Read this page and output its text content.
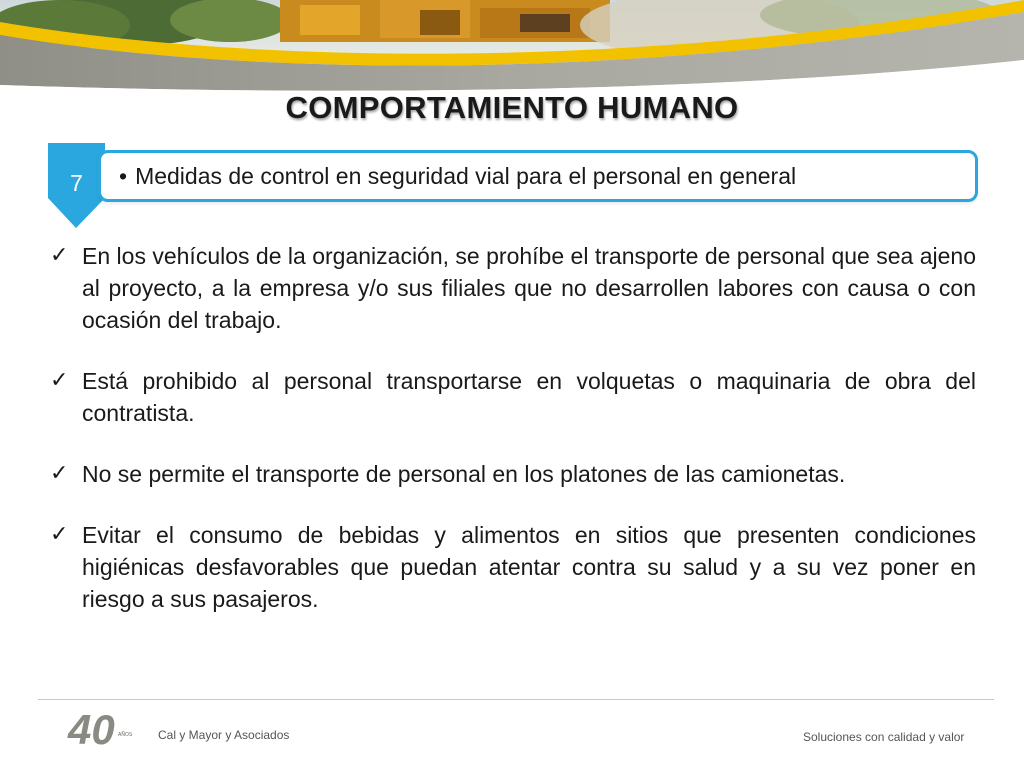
COMPORTAMIENTO HUMANO
7	• Medidas de control en seguridad vial para el personal en general
✓ En los vehículos de la organización, se prohíbe el transporte de personal que sea ajeno al proyecto, a la empresa y/o sus filiales que no desarrollen labores con causa o con ocasión del trabajo.
✓ Está prohibido al personal transportarse en volquetas o maquinaria de obra del contratista.
✓ No se permite el transporte de personal en los platones de las camionetas.
✓ Evitar el consumo de bebidas y alimentos en sitios que presenten condiciones higiénicas desfavorables que puedan atentar contra su salud y a su vez poner en riesgo a sus pasajeros.
40 AÑOS Cal y Mayor y Asociados	Soluciones con calidad y valor
